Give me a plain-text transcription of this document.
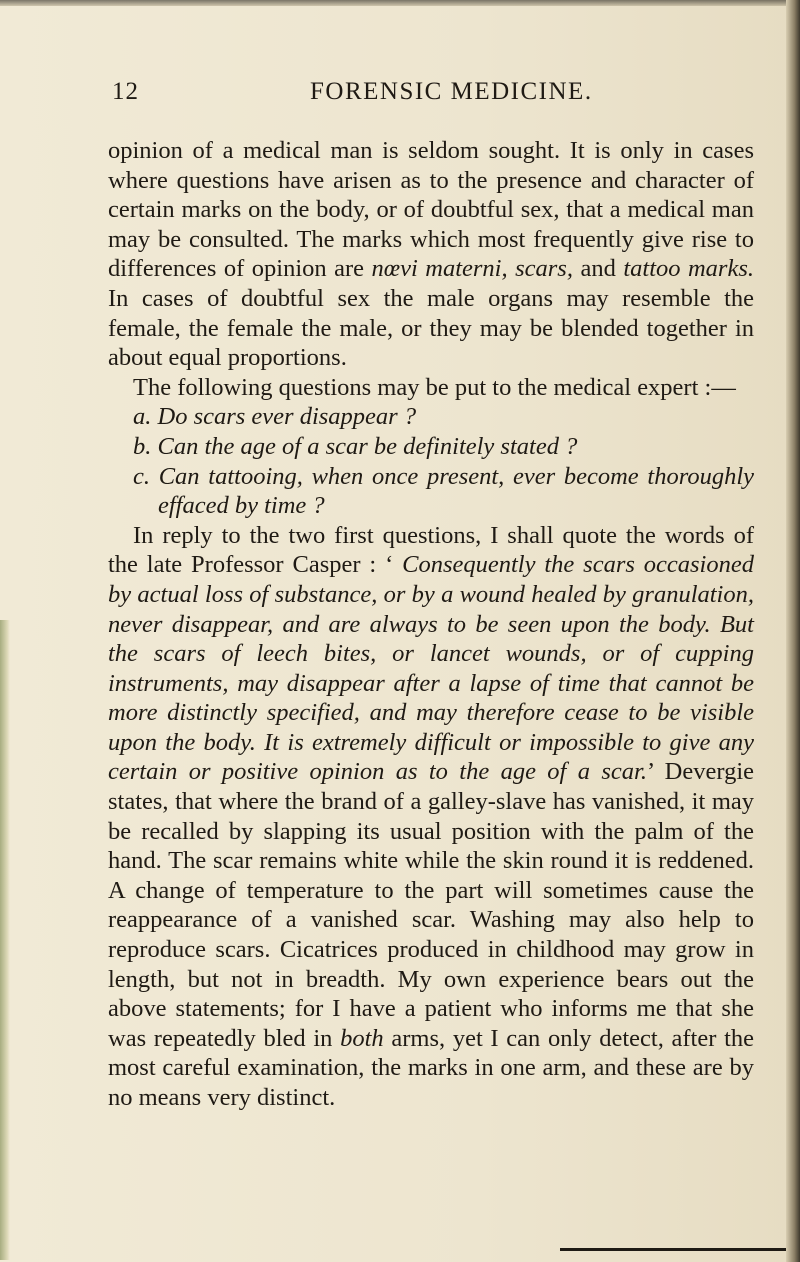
12	FORENSIC MEDICINE.

opinion of a medical man is seldom sought. It is only in cases where questions have arisen as to the presence and character of certain marks on the body, or of doubtful sex, that a medical man may be consulted. The marks which most frequently give rise to differences of opinion are nœvi materni, scars, and tattoo marks. In cases of doubtful sex the male organs may resemble the female, the female the male, or they may be blended together in about equal proportions.

The following questions may be put to the medical expert :—

a. Do scars ever disappear ?

b. Can the age of a scar be definitely stated ?

c. Can tattooing, when once present, ever become thoroughly effaced by time ?

In reply to the two first questions, I shall quote the words of the late Professor Casper : ‘ Consequently the scars occasioned by actual loss of substance, or by a wound healed by granulation, never disappear, and are always to be seen upon the body. But the scars of leech bites, or lancet wounds, or of cupping instruments, may disappear after a lapse of time that cannot be more distinctly specified, and may therefore cease to be visible upon the body. It is extremely difficult or impossible to give any certain or positive opinion as to the age of a scar.’ Devergie states, that where the brand of a galley-slave has vanished, it may be recalled by slapping its usual position with the palm of the hand. The scar remains white while the skin round it is reddened. A change of temperature to the part will sometimes cause the reappearance of a vanished scar. Washing may also help to reproduce scars. Cicatrices produced in childhood may grow in length, but not in breadth. My own experience bears out the above statements; for I have a patient who informs me that she was repeatedly bled in both arms, yet I can only detect, after the most careful examination, the marks in one arm, and these are by no means very distinct.
